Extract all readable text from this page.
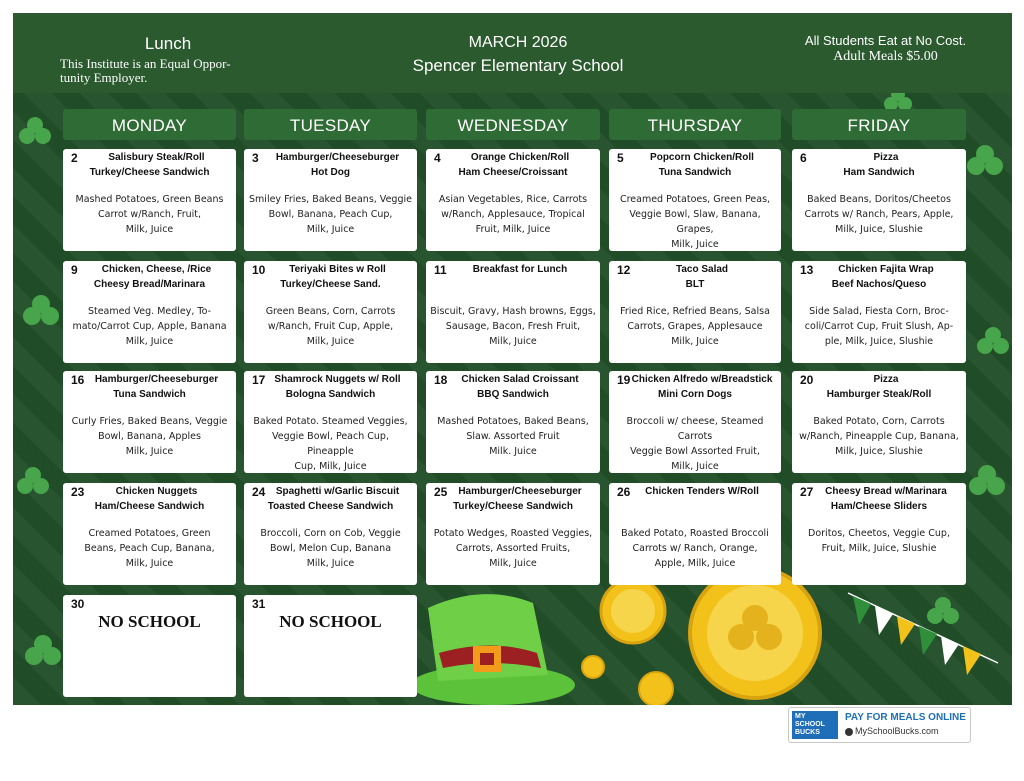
Lunch
This Institute is an Equal Oppor-
tunity Employer.
MARCH 2026
Spencer Elementary School
All Students Eat at No Cost.
Adult Meals $5.00
MONDAY	TUESDAY	WEDNESDAY	THURSDAY	FRIDAY
2	Salisbury Steak/Roll
Turkey/Cheese Sandwich
Mashed Potatoes, Green Beans
Carrot w/Ranch, Fruit,
Milk, Juice
3	Hamburger/Cheeseburger
Hot Dog
Smiley Fries, Baked Beans, Veggie
Bowl, Banana, Peach Cup,
Milk, Juice
4	Orange Chicken/Roll
Ham Cheese/Croissant
Asian Vegetables, Rice, Carrots
w/Ranch, Applesauce, Tropical
Fruit, Milk, Juice
5	Popcorn Chicken/Roll
Tuna Sandwich
Creamed Potatoes, Green Peas,
Veggie Bowl, Slaw, Banana, Grapes,
Milk, Juice
6	Pizza
Ham Sandwich
Baked Beans, Doritos/Cheetos
Carrots w/ Ranch, Pears, Apple,
Milk, Juice, Slushie
9	Chicken, Cheese, /Rice
Cheesy Bread/Marinara
Steamed Veg. Medley, To-
mato/Carrot Cup, Apple, Banana
Milk, Juice
10	Teriyaki Bites w Roll
Turkey/Cheese Sand.
Green Beans, Corn, Carrots
w/Ranch, Fruit Cup, Apple,
Milk, Juice
11	Breakfast for Lunch
Biscuit, Gravy, Hash browns, Eggs,
Sausage, Bacon, Fresh Fruit,
Milk, Juice
12	Taco Salad
BLT
Fried Rice, Refried Beans, Salsa
Carrots, Grapes, Applesauce
Milk, Juice
13	Chicken Fajita Wrap
Beef Nachos/Queso
Side Salad, Fiesta Corn, Broc-
coli/Carrot Cup, Fruit Slush, Ap-
ple, Milk, Juice, Slushie
16	Hamburger/Cheeseburger
Tuna Sandwich
Curly Fries, Baked Beans, Veggie
Bowl, Banana, Apples
Milk, Juice
17 Shamrock Nuggets w/ Roll
Bologna Sandwich
Baked Potato. Steamed Veggies,
Veggie Bowl, Peach Cup, Pineapple
Cup, Milk, Juice
18	Chicken Salad Croissant
BBQ Sandwich
Mashed Potatoes, Baked Beans,
Slaw. Assorted Fruit
Milk. Juice
19 Chicken Alfredo w/Breadstick
Mini Corn Dogs
Broccoli w/ cheese, Steamed Carrots
Veggie Bowl Assorted Fruit,
Milk, Juice
20	Pizza
Hamburger Steak/Roll
Baked Potato, Corn, Carrots
w/Ranch, Pineapple Cup, Banana,
Milk, Juice, Slushie
23	Chicken Nuggets
Ham/Cheese Sandwich
Creamed Potatoes, Green
Beans, Peach Cup, Banana,
Milk, Juice
24	Spaghetti w/Garlic Biscuit
Toasted Cheese Sandwich
Broccoli, Corn on Cob, Veggie
Bowl, Melon Cup, Banana
Milk, Juice
25	Hamburger/Cheeseburger
Turkey/Cheese Sandwich
Potato Wedges, Roasted Veggies,
Carrots, Assorted Fruits,
Milk, Juice
26	Chicken Tenders W/Roll
Baked Potato, Roasted Broccoli
Carrots w/ Ranch, Orange,
Apple, Milk, Juice
27	Cheesy Bread w/Marinara
Ham/Cheese Sliders
Doritos, Cheetos, Veggie Cup,
Fruit, Milk, Juice, Slushie
30
NO SCHOOL
31
NO SCHOOL
MY
SCHOOL
BUCKS
PAY FOR MEALS ONLINE
MySchoolBucks.com
